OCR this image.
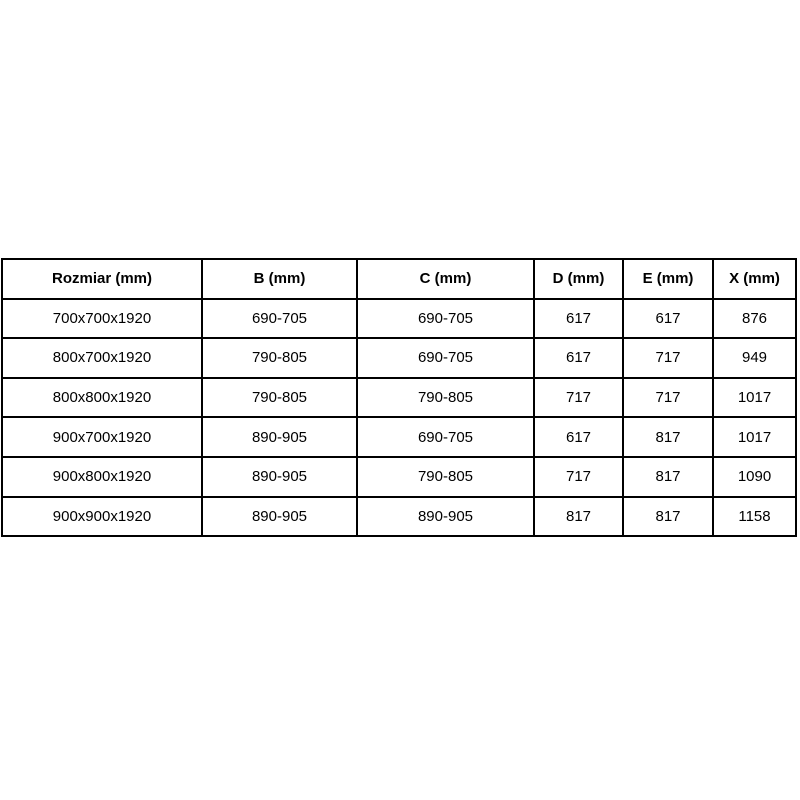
Rozmiar (mm)	B (mm)	C (mm)	D (mm)	E (mm)	X (mm)
700x700x1920	690-705	690-705	617	617	876
800x700x1920	790-805	690-705	617	717	949
800x800x1920	790-805	790-805	717	717	1017
900x700x1920	890-905	690-705	617	817	1017
900x800x1920	890-905	790-805	717	817	1090
900x900x1920	890-905	890-905	817	817	1158
